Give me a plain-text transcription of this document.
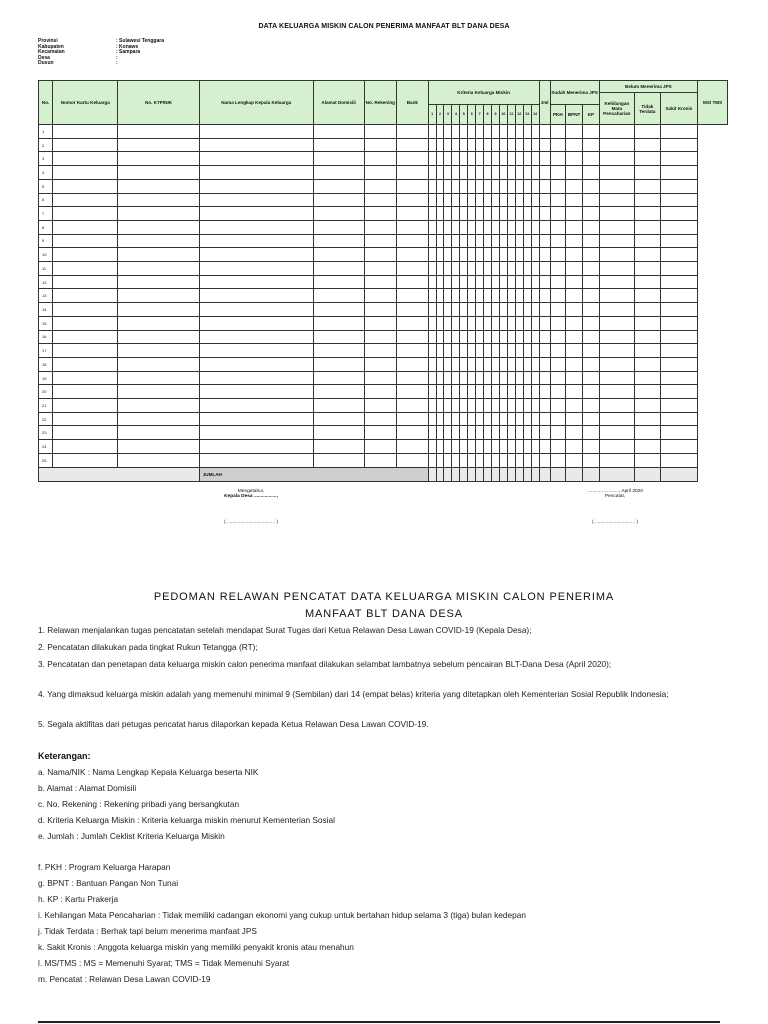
DATA KELUARGA MISKIN CALON PENERIMA MANFAAT BLT DANA DESA
Provinsi	: Sulawesi Tenggara
Kabupaten	: Konawe
Kecamatan	: Sampara
Desa	:
Dusun	:
No.	Nomor Kartu Keluarga	No. KTP/NIK	Nama Lengkap Kepala Keluarga	Alamat Domisili	No. Rekening	Bank	Kriteria Keluarga Miskin														Jml	Sudah Menerima JPS			Belum Menerima JPS			MS/ TMS
																									Kehilangan Mata Pencaharian	Tidak Terdata	Sakit Kronis	
							1	2	3	4	5	6	7	8	9	10	11	12	13	14		PKH	BPNT	KP				
1																												
2																												
3																												
4																												
5																												
6																												
7																												
8																												
9																												
10																												
11																												
12																												
13																												
14																												
15																												
16																												
17																												
18																												
19																												
20																												
21																												
22																												
23																												
24																												
25																												
			JUMLAH																									
Mengetahui,
Kepala Desa .................,
( .................................... )
........................, April 2020
Pencatat,
( .............................. )
PEDOMAN RELAWAN PENCATAT DATA KELUARGA MISKIN CALON PENERIMA
MANFAAT BLT DANA DESA
1. Relawan menjalankan tugas pencatatan setelah mendapat Surat Tugas dari Ketua Relawan Desa Lawan COVID-19 (Kepala Desa);
2. Pencatatan dilakukan pada tingkat Rukun Tetangga (RT);
3. Pencatatan dan penetapan data keluarga miskin calon penerima manfaat dilakukan selambat lambatnya sebelum pencairan BLT-Dana Desa (April 2020);
4. Yang dimaksud keluarga miskin adalah yang memenuhi minimal 9 (Sembilan) dari 14 (empat belas) kriteria yang ditetapkan oleh Kementerian Sosial Republik Indonesia;
5. Segala aktifitas dari petugas pencatat harus dilaporkan kepada Ketua Relawan Desa Lawan COVID-19.
Keterangan:
a. Nama/NIK : Nama Lengkap Kepala Keluarga beserta NIK
b. Alamat : Alamat Domisili
c. No. Rekening : Rekening pribadi yang bersangkutan
d. Kriteria Keluarga Miskin : Kriteria keluarga miskin menurut Kementerian Sosial
e. Jumlah : Jumlah Ceklist Kriteria Keluarga Miskin
f. PKH : Program Keluarga Harapan
g. BPNT : Bantuan Pangan Non Tunai
h. KP : Kartu Prakerja
i. Kehilangan Mata Pencaharian : Tidak memiliki cadangan ekonomi yang cukup untuk bertahan hidup selama 3 (tiga) bulan kedepan
j. Tidak Terdata : Berhak tapi belum menerima manfaat JPS
k. Sakit Kronis : Anggota keluarga miskin yang memiliki penyakit kronis atau menahun
l. MS/TMS : MS = Memenuhi Syarat; TMS = Tidak Memenuhi Syarat
m. Pencatat : Relawan Desa Lawan COVID-19
